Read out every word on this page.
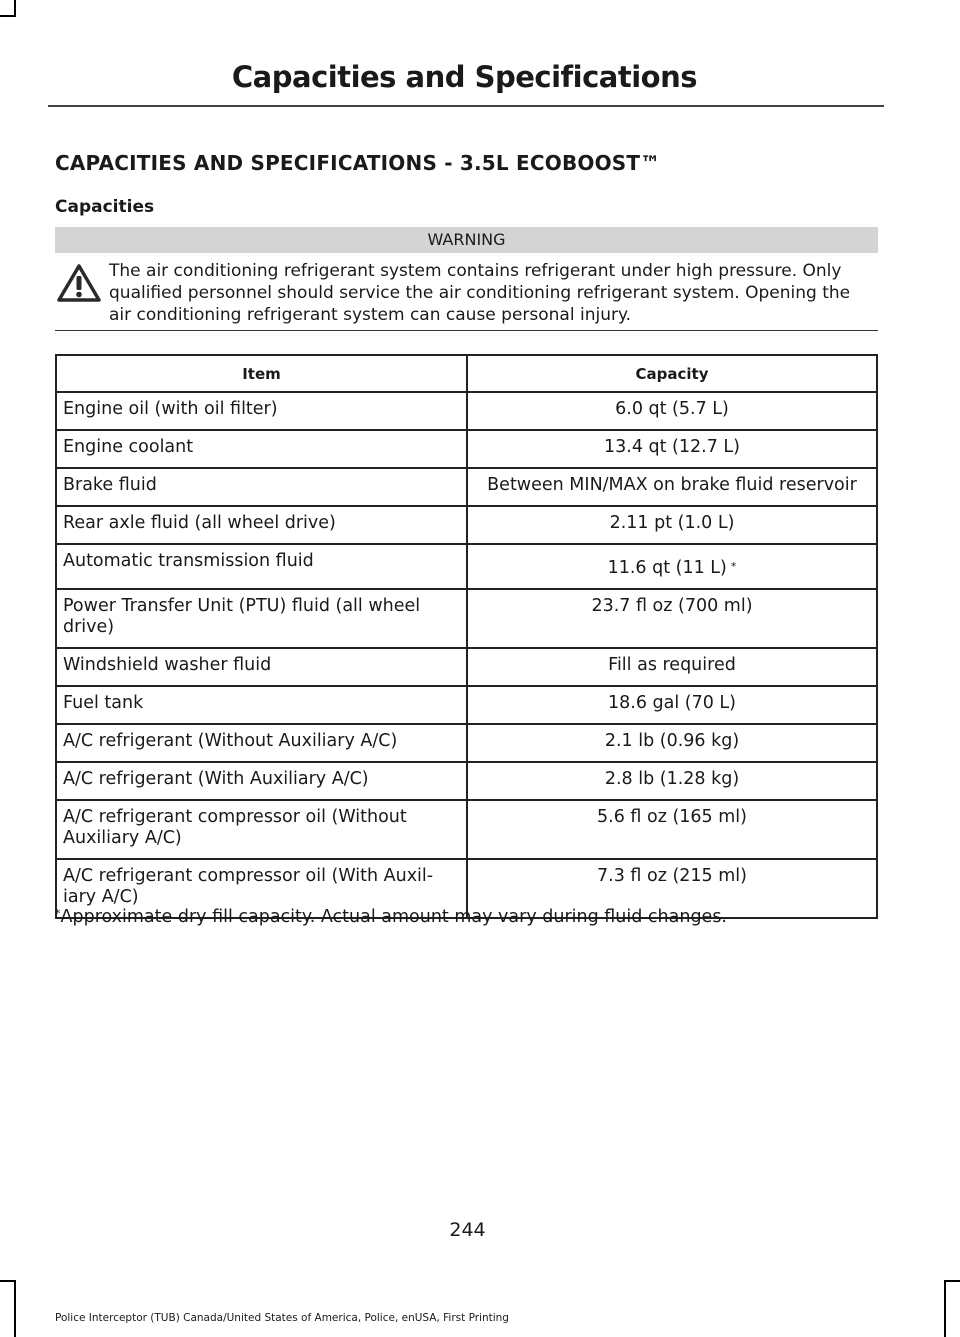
Capacities and Specifications
CAPACITIES AND SPECIFICATIONS - 3.5L ECOBOOST™
Capacities
WARNING
The air conditioning refrigerant system contains refrigerant under high pressure. Only qualified personnel should service the air conditioning refrigerant system. Opening the air conditioning refrigerant system can cause personal injury.
Item	Capacity
Engine oil (with oil filter)	6.0 qt (5.7 L)
Engine coolant	13.4 qt (12.7 L)
Brake fluid	Between MIN/MAX on brake fluid reservoir
Rear axle fluid (all wheel drive)	2.11 pt (1.0 L)
Automatic transmission fluid	11.6 qt (11 L) *
Power Transfer Unit (PTU) fluid (all wheel drive)	23.7 fl oz (700 ml)
Windshield washer fluid	Fill as required
Fuel tank	18.6 gal (70 L)
A/C refrigerant (Without Auxiliary A/C)	2.1 lb (0.96 kg)
A/C refrigerant (With Auxiliary A/C)	2.8 lb (1.28 kg)
A/C refrigerant compressor oil (Without Auxiliary A/C)	5.6 fl oz (165 ml)
A/C refrigerant compressor oil (With Auxil-iary A/C)	7.3 fl oz (215 ml)
*Approximate dry fill capacity. Actual amount may vary during fluid changes.
244
Police Interceptor (TUB) Canada/United States of America, Police, enUSA, First Printing
